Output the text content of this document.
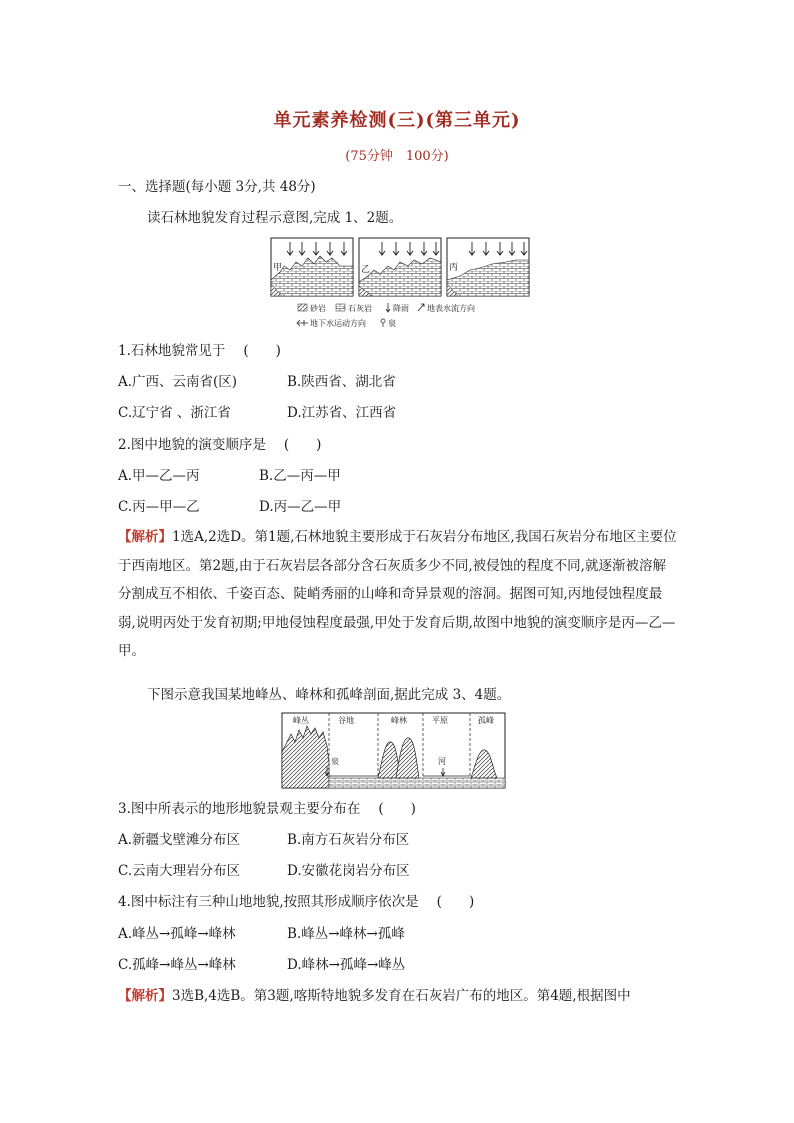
单元素养检测(三)(第三单元)
(75分钟　100分)
一、选择题(每小题 3分,共 48分)
读石林地貌发育过程示意图,完成 1、2题。
甲	乙	丙
砂岩	石灰岩	降雨 地表水流方向
地下水运动方向	泉
1.石林地貌常见于 (　　)
A.广西、云南省(区)	B.陕西省、湖北省
C.辽宁省 、浙江省	D.江苏省、江西省
2.图中地貌的演变顺序是 (　　)
A.甲—乙—丙	B.乙—丙—甲
C.丙—甲—乙	D.丙—乙—甲
【解析】1选A,2选D。第1题,石林地貌主要形成于石灰岩分布地区,我国石灰岩分布地区主要位于西南地区。第2题,由于石灰岩层各部分含石灰质多少不同,被侵蚀的程度不同,就逐渐被溶解分割成互不相依、千姿百态、陡峭秀丽的山峰和奇异景观的溶洞。据图可知,丙地侵蚀程度最弱,说明丙处于发育初期;甲地侵蚀程度最强,甲处于发育后期,故图中地貌的演变顺序是丙—乙—甲。
下图示意我国某地峰丛、峰林和孤峰剖面,据此完成 3、4题。
峰丛	谷地	峰林	平原	孤峰
泉	河
3.图中所表示的地形地貌景观主要分布在 (　　)
A.新疆戈壁滩分布区	B.南方石灰岩分布区
C.云南大理岩分布区	D.安徽花岗岩分布区
4.图中标注有三种山地地貌,按照其形成顺序依次是 (　　)
A.峰丛→孤峰→峰林	B.峰丛→峰林→孤峰
C.孤峰→峰丛→峰林	D.峰林→孤峰→峰丛
【解析】3选B,4选B。第3题,喀斯特地貌多发育在石灰岩广布的地区。第4题,根据图中
